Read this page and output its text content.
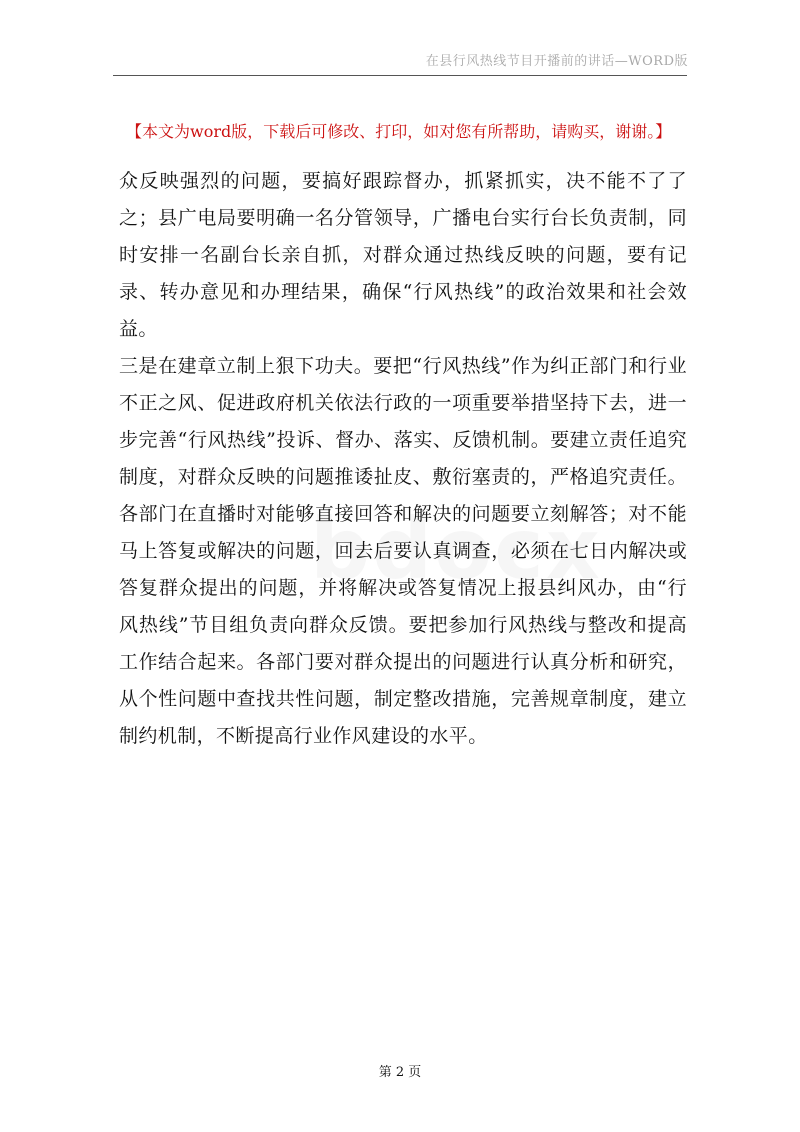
在县行风热线节目开播前的讲话—WORD版
【本文为word版，下载后可修改、打印，如对您有所帮助，请购买，谢谢。】

众反映强烈的问题，要搞好跟踪督办，抓紧抓实，决不能不了了之；县广电局要明确一名分管领导，广播电台实行台长负责制，同时安排一名副台长亲自抓，对群众通过热线反映的问题，要有记录、转办意见和办理结果，确保“行风热线”的政治效果和社会效益。

三是在建章立制上狠下功夫。要把“行风热线”作为纠正部门和行业不正之风、促进政府机关依法行政的一项重要举措坚持下去，进一步完善“行风热线”投诉、督办、落实、反馈机制。要建立责任追究制度，对群众反映的问题推诿扯皮、敷衍塞责的，严格追究责任。各部门在直播时对能够直接回答和解决的问题要立刻解答；对不能马上答复或解决的问题，回去后要认真调查，必须在七日内解决或答复群众提出的问题，并将解决或答复情况上报县纠风办，由“行风热线”节目组负责向群众反馈。要把参加行风热线与整改和提高工作结合起来。各部门要对群众提出的问题进行认真分析和研究，从个性问题中查找共性问题，制定整改措施，完善规章制度，建立制约机制，不断提高行业作风建设的水平。

第 2 页
